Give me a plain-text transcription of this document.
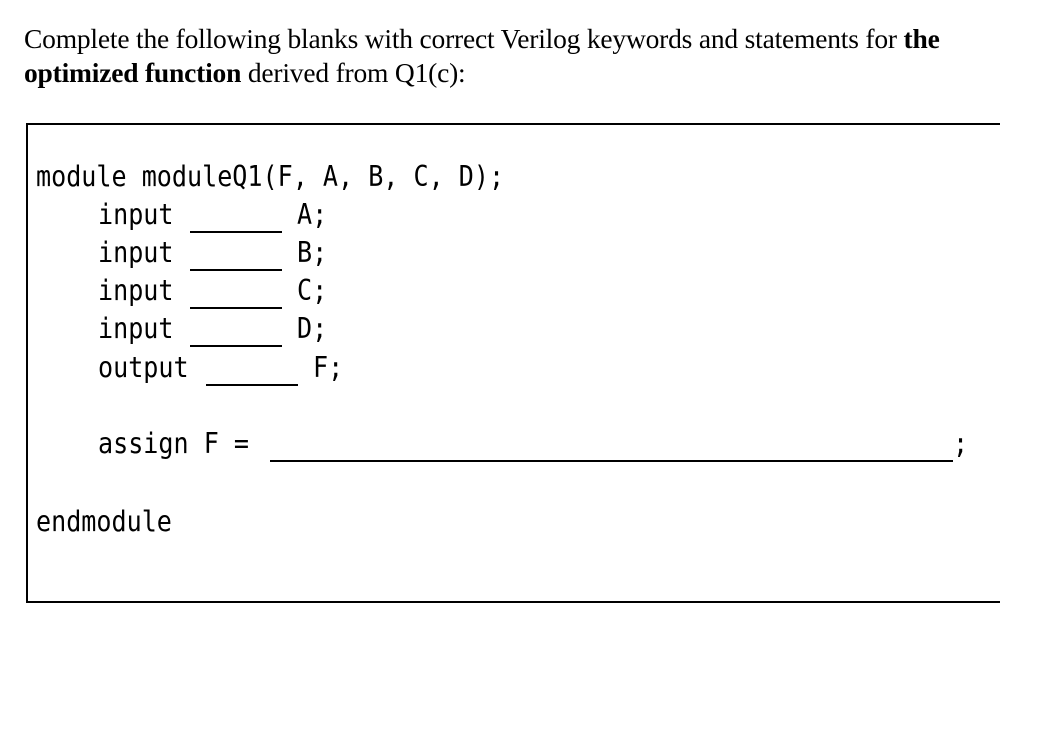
Complete the following blanks with correct Verilog keywords and statements for the
optimized function derived from Q1(c):
module moduleQ1(F, A, B, C, D);
input	A;
input	B;
input	C;
input	D;
output	F;
assign F =	;
endmodule
